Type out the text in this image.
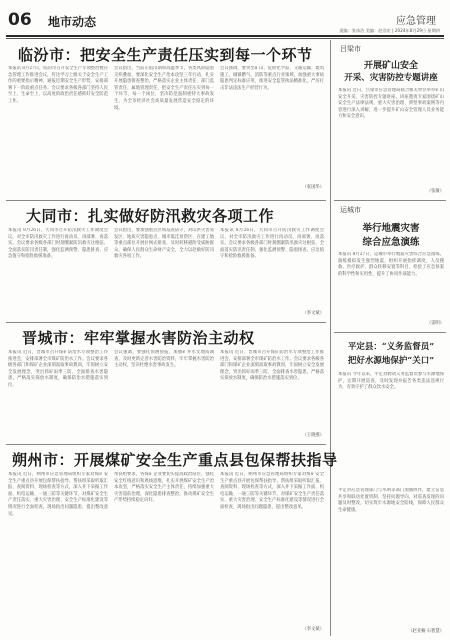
06 地市动态	应急管理
责编：张冰洁 美编：赵浩宏 | 2024年8月29日 星期四
临汾市：把安全生产责任压实到每一个环节
本报讯 8月27日，临汾市召开安全生产专项整治暨应急管理工作推进会议，传达学习上级关于安全生产工作的重要指示精神，通报近期安全生产形势，安排部署下一阶段重点任务。会议要求各级各部门坚持人民至上、生命至上，以高度的政治责任感抓好安全防范工作。
会议指出，当前正值汛期和高温季节，各类风险隐患交织叠加，要深化安全生产治本攻坚三年行动，扎实开展隐患排查整治，严格落实企业主体责任、部门监管责任、属地管理责任，把安全生产责任压实到每一个环节、每一个岗位，坚决防范遏制重特大事故发生，为全市经济社会高质量发展营造安全稳定的环境。
会议强调，要突出矿山、危险化学品、交通运输、建筑施工、城镇燃气、消防等重点行业领域，加强重大事故隐患判定标准应用，推进安全监管执法精准化，严厉打击非法违法生产经营行为。
（张国华）
大同市：扎实做好防汛救灾各项工作
本报讯 8月26日，大同市召开防汛救灾工作调度会议，对全市防汛救灾工作进行再动员、再部署、再落实。会议要求各级各部门时刻绷紧防汛救灾这根弦，全面落实防汛责任制，强化监测预警、隐患排查、应急值守和抢险救援准备。
会议指出，要加强重点区域巡查防守，对山洪灾害易发区、地质灾害隐患点、城市低洼易涝区、在建工地等重点部位开展拉网式排查，及时转移避险受威胁群众，确保人民群众生命财产安全，全力以赴做好防汛救灾各项工作。
本报讯 8月26日，大同市召开防汛救灾工作调度会议，对全市防汛救灾工作进行再动员、再部署、再落实。会议要求各级各部门时刻绷紧防汛救灾这根弦，全面落实防汛责任制，强化监测预警、隐患排查、应急值守和抢险救援准备。
（李文斌）
晋城市：牢牢掌握水害防治主动权
本报讯 近日，晋城市召开煤矿防治水专项整治工作推进会，安排部署全市煤矿防治水工作。会议要求各级各部门和煤矿企业深刻汲取事故教训，牢固树立安全发展理念，突出抓好雨季三防，全面排查水害隐患，严格落实探放水制度，确保防治水措施落实到位。
会议强调，要强化预测预报，加强矿井水文地质调查，及时更新完善水害防治资料，牢牢掌握水害防治主动权，坚决杜绝水害事故发生。
本报讯 近日，晋城市召开煤矿防治水专项整治工作推进会，安排部署全市煤矿防治水工作。会议要求各级各部门和煤矿企业深刻汲取事故教训，牢固树立安全发展理念，突出抓好雨季三防，全面排查水害隐患，严格落实探放水制度，确保防治水措施落实到位。
（王晓燕）
朔州市：开展煤矿安全生产重点县包保帮扶指导
本报讯 近日，朔州市应急管理局组织专家对煤矿安全生产重点县开展包保帮扶指导。帮扶组采取听取汇报、查阅资料、现场检查等方式，深入井下采掘工作面、机电运输、一通三防等关键环节，对煤矿安全生产责任落实、重大灾害治理、安全生产标准化建设等情况进行全面检查，现场指出问题隐患，提出整改意见。
帮扶组要求，各煤矿企业要切实提高政治站位，强化安全红线意识和底线思维，扎实开展煤矿安全生产治本攻坚，严格落实安全生产主体责任，持续加强重大灾害超前治理，深化隐患排查整治，推动煤矿安全生产形势持续稳定向好。
本报讯 近日，朔州市应急管理局组织专家对煤矿安全生产重点县开展包保帮扶指导。帮扶组采取听取汇报、查阅资料、现场检查等方式，深入井下采掘工作面、机电运输、一通三防等关键环节，对煤矿安全生产责任落实、重大灾害治理、安全生产标准化建设等情况进行全面检查，现场指出问题隐患，提出整改意见。
（李文斌）
吕梁市
开展矿山安全
开采、灾害防控专题讲座
本报讯 近日，吕梁市应急管理局联合相关单位举办矿山安全开采、灾害防控专题讲座。讲座邀请专家围绕矿山安全生产法律法规、重大灾害治理、典型事故案例等内容进行深入讲解，进一步提升矿山安全管理人员业务能力和安全意识。
（张敏）
运城市
举行地震灾害
综合应急演练
本报讯 8月27日，运城市举行地震灾害综合应急演练。演练模拟发生强烈地震，组织开展指挥调度、人员搜救、医疗救护、群众转移安置等科目，检验了应急预案的科学性和实用性，提升了协同作战能力。
（雷明）
平定县：“义务监督员”
把好水源地保护“关口”
本报讯 今年以来，平定县聘请义务监督员参与水源地保护，定期开展巡查，及时发现并报告各类违法违规行为，有效守护了群众饮水安全。
平定县应急管理部门与水利等部门加强协作，建立信息共享和联动处置机制，坚持问题导向，对巡查发现的问题及时整改，切实筑牢水源地安全防线，保障人民群众生命健康。
（赵亚楠 石智慧）
